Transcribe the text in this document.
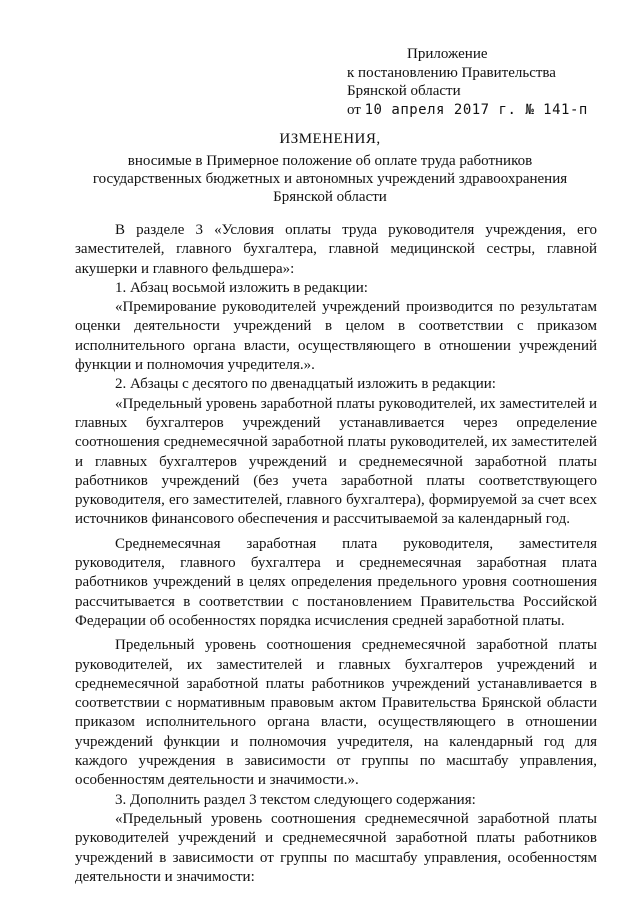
Приложение
к постановлению Правительства
Брянской области
от 10 апреля 2017 г. № 141-п
ИЗМЕНЕНИЯ,
вносимые в Примерное положение об оплате труда работников
государственных бюджетных и автономных учреждений здравоохранения
Брянской области

В разделе 3 «Условия оплаты труда руководителя учреждения, его заместителей, главного бухгалтера, главной медицинской сестры, главной акушерки и главного фельдшера»:

1. Абзац восьмой изложить в редакции:

«Премирование руководителей учреждений производится по результатам оценки деятельности учреждений в целом в соответствии с приказом исполнительного органа власти, осуществляющего в отношении учреждений функции и полномочия учредителя.».

2. Абзацы с десятого по двенадцатый изложить в редакции:

«Предельный уровень заработной платы руководителей, их заместителей и главных бухгалтеров учреждений устанавливается через определение соотношения среднемесячной заработной платы руководителей, их заместителей и главных бухгалтеров учреждений и среднемесячной заработной платы работников учреждений (без учета заработной платы соответствующего руководителя, его заместителей, главного бухгалтера), формируемой за счет всех источников финансового обеспечения и рассчитываемой за календарный год.

Среднемесячная заработная плата руководителя, заместителя руководителя, главного бухгалтера и среднемесячная заработная плата работников учреждений в целях определения предельного уровня соотношения рассчитывается в соответствии с постановлением Правительства Российской Федерации об особенностях порядка исчисления средней заработной платы.

Предельный уровень соотношения среднемесячной заработной платы руководителей, их заместителей и главных бухгалтеров учреждений и среднемесячной заработной платы работников учреждений устанавливается в соответствии с нормативным правовым актом Правительства Брянской области приказом исполнительного органа власти, осуществляющего в отношении учреждений функции и полномочия учредителя, на календарный год для каждого учреждения в зависимости от группы по масштабу управления, особенностям деятельности и значимости.».

3. Дополнить раздел 3 текстом следующего содержания:

«Предельный уровень соотношения среднемесячной заработной платы руководителей учреждений и среднемесячной заработной платы работников учреждений в зависимости от группы по масштабу управления, особенностям деятельности и значимости:
